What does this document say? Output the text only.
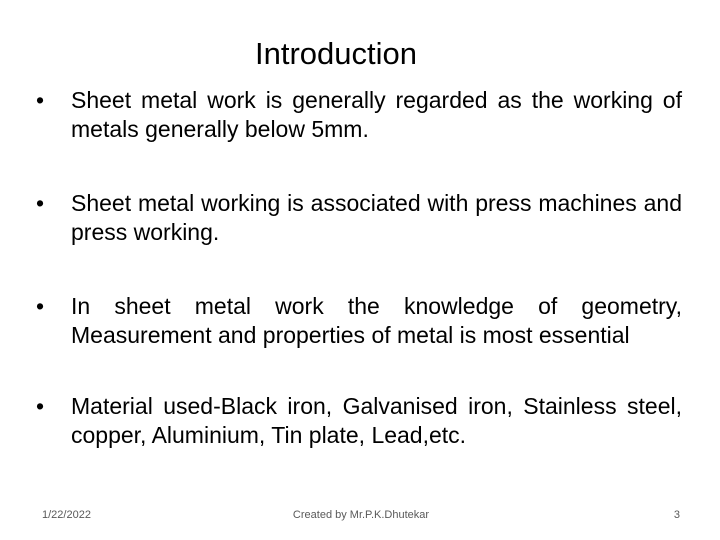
Introduction
•	Sheet metal work is generally regarded as the working of metals generally below 5mm.
•	Sheet metal working is associated with press machines and press working.
•	In sheet metal work the knowledge of geometry, Measurement and properties of metal is most essential
•	Material used-Black iron, Galvanised iron, Stainless steel, copper, Aluminium, Tin plate, Lead,etc.
1/22/2022	Created by Mr.P.K.Dhutekar	3
